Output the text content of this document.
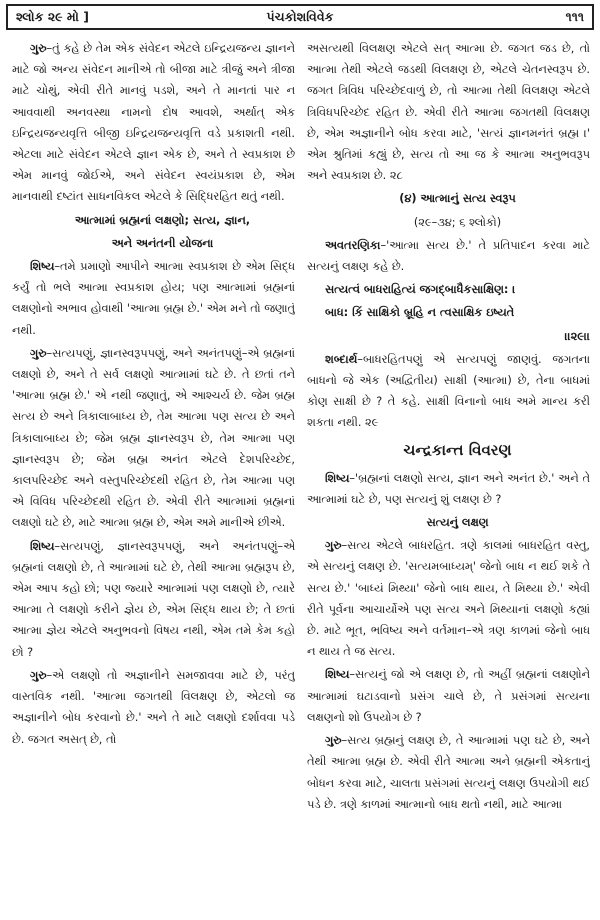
શ્લોક ૨૯ મો ]	પંચકોશવિવેક	૧૧૧

ગુરુ–તું કહે છે તેમ એક સંવેદન એટલે ઇન્દ્રિયજન્ય જ્ઞાનને માટે જો અન્ય સંવેદન માનીએ તો બીજા માટે ત્રીજું અને ત્રીજા માટે ચોથું, એવી રીતે માનવું પડશે, અને તે માનતાં પાર ન આવવાથી અનવસ્થા નામનો દોષ આવશે, અર્થાત્ એક ઇન્દ્રિયજન્યવૃત્તિ બીજી ઇન્દ્રિયજન્યવૃત્તિ વડે પ્રકાશતી નથી. એટલા માટે સંવેદન એટલે જ્ઞાન એક છે, અને તે સ્વપ્રકાશ છે એમ માનવું જોઈએ, અને સંવેદન સ્વયંપ્રકાશ છે, એમ માનવાથી દષ્ટાંત સાધનવિકલ એટલે કે સિદ્ધિરહિત થતું નથી.

આત્મામાં બ્રહ્મનાં લક્ષણો; સત્ય, જ્ઞાન,

અને અનંતની યોજના

શિષ્ય–તમે પ્રમાણો આપીને આત્મા સ્વપ્રકાશ છે એમ સિદ્ધ કર્યું તો ભલે આત્મા સ્વપ્રકાશ હોય; પણ આત્મામાં બ્રહ્મનાં લક્ષણોનો અભાવ હોવાથી 'આત્મા બ્રહ્મ છે.' એમ મને તો જણાતું નથી.

ગુરુ–સત્યપણું, જ્ઞાનસ્વરૂપપણું, અને અનંતપણું–એ બ્રહ્મનાં લક્ષણો છે, અને તે સર્વ લક્ષણો આત્મામાં ઘટે છે. તે છતાં તને 'આત્મા બ્રહ્મ છે.' એ નથી જણાતું, એ આશ્ચર્ય છે. જેમ બ્રહ્મ સત્ય છે અને ત્રિકાલાબાધ્ય છે, તેમ આત્મા પણ સત્ય છે અને ત્રિકાલાબાધ્ય છે; જેમ બ્રહ્મ જ્ઞાનસ્વરૂપ છે, તેમ આત્મા પણ જ્ઞાનસ્વરૂપ છે; જેમ બ્રહ્મ અનંત એટલે દેશપરિચ્છેદ, કાલપરિચ્છેદ અને વસ્તુપરિચ્છેદથી રહિત છે, તેમ આત્મા પણ એ વિવિધ પરિચ્છેદથી રહિત છે. એવી રીતે આત્મામાં બ્રહ્મનાં લક્ષણો ઘટે છે, માટે આત્મા બ્રહ્મ છે, એમ અમે માનીએ છીએ.

શિષ્ય–સત્યપણું, જ્ઞાનસ્વરૂપપણું, અને અનંતપણું–એ બ્રહ્મનાં લક્ષણો છે, તે આત્મામાં ઘટે છે, તેથી આત્મા બ્રહ્મરૂપ છે, એમ આપ કહો છો; પણ જ્યારે આત્મામાં પણ લક્ષણો છે, ત્યારે આત્મા તે લક્ષણો કરીને જ્ઞેય છે, એમ સિદ્ધ થાય છે; તે છતાં આત્મા જ્ઞેય એટલે અનુભવનો વિષય નથી, એમ તમે કેમ કહો છો ?

ગુરુ–એ લક્ષણો તો અજ્ઞાનીને સમજાવવા માટે છે, પરંતુ વાસ્તવિક નથી. 'આત્મા જગતથી વિલક્ષણ છે, એટલો જ અજ્ઞાનીને બોધ કરવાનો છે.' અને તે માટે લક્ષણો દર્શાવવા પડે છે. જગત અસત્ છે, તો

અસત્યથી વિલક્ષણ એટલે સત્ આત્મા છે. જગત જડ છે, તો આત્મા તેથી એટલે જડથી વિલક્ષણ છે, એટલે ચેતનસ્વરૂપ છે. જગત ત્રિવિધ પરિચ્છેદવાળું છે, તો આત્મા તેથી વિલક્ષણ એટલે ત્રિવિધપરિચ્છેદ રહિત છે. એવી રીતે આત્મા જગતથી વિલક્ષણ છે, એમ અજ્ઞાનીને બોધ કરવા માટે, 'સત્યં જ્ઞાનમનંતં બ્રહ્મ ।' એમ શ્રુતિમાં કહ્યું છે, સત્ય તો આ જ કે આત્મા અનુભવરૂપ અને સ્વપ્રકાશ છે. ૨૮

(૪) આત્માનું સત્ય સ્વરૂપ

(૨૯–૩૪; ૬ શ્લોકો)

અવતરણિકા–'આત્મા સત્ય છે.' તે પ્રતિપાદન કરવા માટે સત્યનું લક્ષણ કહે છે.

સત્યત્વં બાધરાહિત્યં જગદ્બાધૈકસાક્ષિણ: ।

બાધ: કિં સાક્ષિકો બ્રૂહિ ન ત્વસાક્ષિક ઇષ્યતે

।।૨૯।।

શબ્દાર્થ–બાધરહિતપણું એ સત્યપણું જાણવું. જગતના બાધનો જે એક (અદ્વિતીય) સાક્ષી (આત્મા) છે, તેના બાધમાં કોણ સાક્ષી છે ? તે કહે. સાક્ષી વિનાનો બાધ અમે માન્ય કરી શકતા નથી. ૨૯

ચન્દ્રકાન્ત વિવરણ

શિષ્ય–'બ્રહ્મનાં લક્ષણો સત્ય, જ્ઞાન અને અનંત છે.' અને તે આત્મામાં ઘટે છે, પણ સત્યનું શું લક્ષણ છે ?

સત્યનું લક્ષણ

ગુરુ–સત્ય એટલે બાધરહિત. ત્રણે કાલમાં બાધરહિત વસ્તુ, એ સત્યનું લક્ષણ છે. 'સત્યમબાધ્યમ્' જેનો બાધ ન થઈ શકે તે સત્ય છે.' 'બાધ્યં મિથ્યા' જેનો બાધ થાય, તે મિથ્યા છે.' એવી રીતે પૂર્વના આચાર્યોએ પણ સત્ય અને મિથ્યાનાં લક્ષણો કહ્યાં છે. માટે ભૂત, ભવિષ્ય અને વર્તમાન–એ ત્રણ કાળમાં જેનો બાધ ન થાય તે જ સત્ય.

શિષ્ય–સત્યનું જો એ લક્ષણ છે, તો અહીં બ્રહ્મનાં લક્ષણોને આત્મામાં ઘટાડવાનો પ્રસંગ ચાલે છે, તે પ્રસંગમાં સત્યના લક્ષણનો શો ઉપયોગ છે ?

ગુરુ–સત્ય બ્રહ્મનું લક્ષણ છે, તે આત્મામાં પણ ઘટે છે, અને તેથી આત્મા બ્રહ્મ છે. એવી રીતે આત્મા અને બ્રહ્મની એકતાનું બોધન કરવા માટે, ચાલતા પ્રસંગમાં સત્યનું લક્ષણ ઉપયોગી થઈ પડે છે. ત્રણે કાળમાં આત્માનો બાધ થતો નથી, માટે આત્મા
